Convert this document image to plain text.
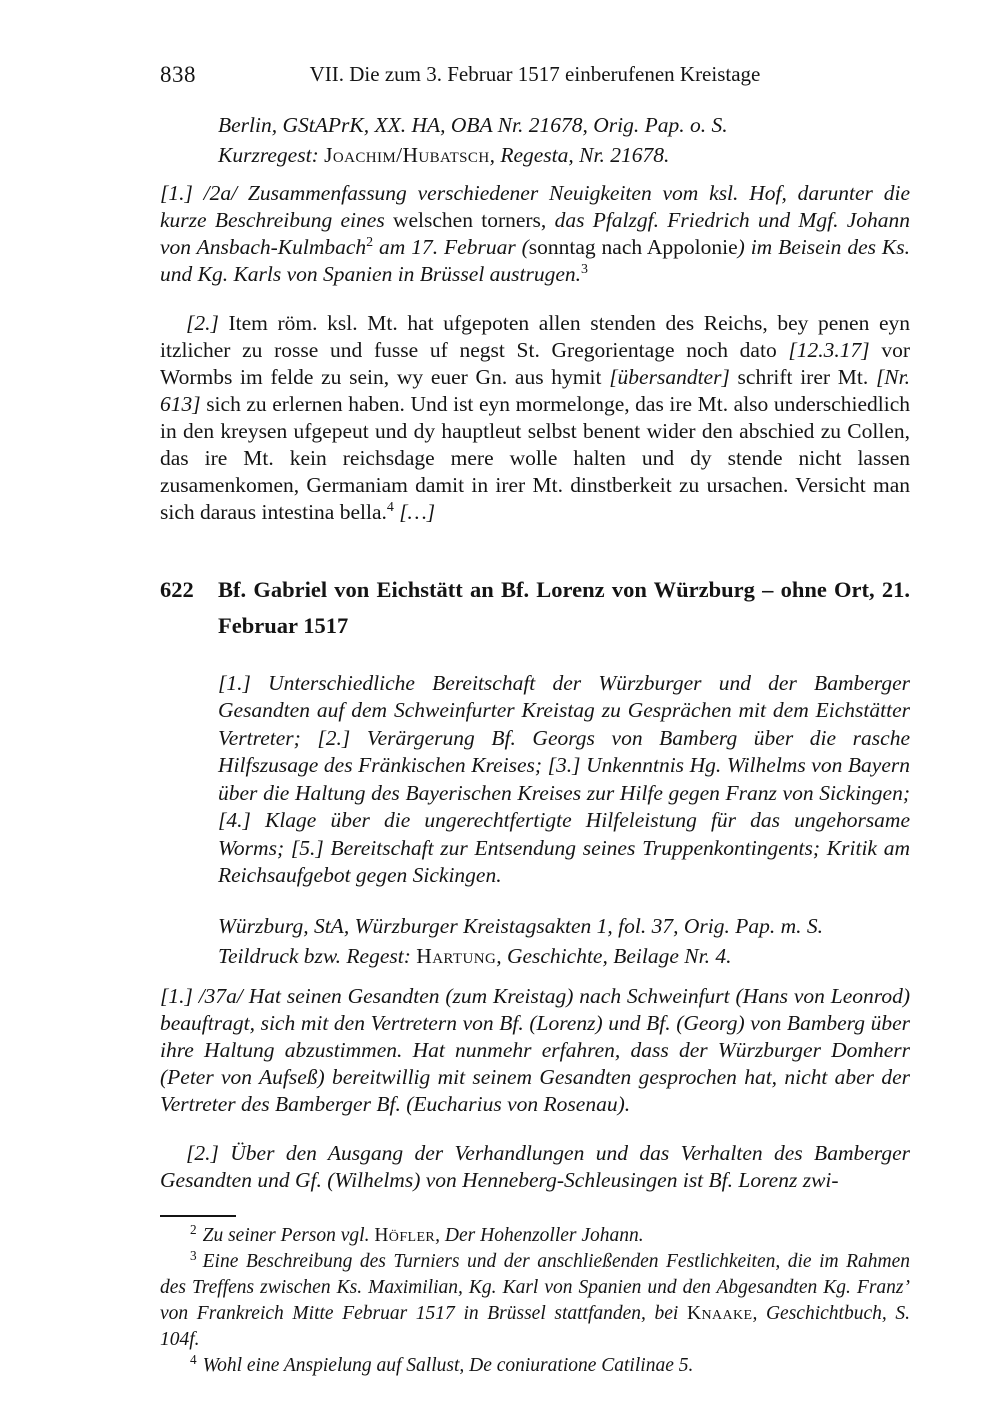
838	VII. Die zum 3. Februar 1517 einberufenen Kreistage
Berlin, GStAPrK, XX. HA, OBA Nr. 21678, Orig. Pap. o. S.
Kurzregest: Joachim/Hubatsch, Regesta, Nr. 21678.

[1.] /2a/ Zusammenfassung verschiedener Neuigkeiten vom ksl. Hof, darunter die kurze Beschreibung eines welschen torners, das Pfalzgf. Friedrich und Mgf. Johann von Ansbach-Kulmbach$^2$ am 17. Februar (sonntag nach Appolonie) im Beisein des Ks. und Kg. Karls von Spanien in Brüssel austrugen.$^3$

[2.] Item röm. ksl. Mt. hat ufgepoten allen stenden des Reichs, bey penen eyn itzlicher zu rosse und fusse uf negst St. Gregorientage noch dato [12.3.17] vor Wormbs im felde zu sein, wy euer Gn. aus hymit [übersandter] schrift irer Mt. [Nr. 613] sich zu erlernen haben. Und ist eyn mormelonge, das ire Mt. also underschiedlich in den kreysen ufgepeut und dy hauptleut selbst benent wider den abschied zu Collen, das ire Mt. kein reichsdage mere wolle halten und dy stende nicht lassen zusamenkomen, Germaniam damit in irer Mt. dinstberkeit zu ursachen. Versicht man sich daraus intestina bella.$^4$ […]

622	Bf. Gabriel von Eichstätt an Bf. Lorenz von Würzburg – ohne Ort, 21. Februar 1517

[1.] Unterschiedliche Bereitschaft der Würzburger und der Bamberger Gesandten auf dem Schweinfurter Kreistag zu Gesprächen mit dem Eichstätter Vertreter; [2.] Verärgerung Bf. Georgs von Bamberg über die rasche Hilfszusage des Fränkischen Kreises; [3.] Unkenntnis Hg. Wilhelms von Bayern über die Haltung des Bayerischen Kreises zur Hilfe gegen Franz von Sickingen; [4.] Klage über die ungerechtfertigte Hilfeleistung für das ungehorsame Worms; [5.] Bereitschaft zur Entsendung seines Truppenkontingents; Kritik am Reichsaufgebot gegen Sickingen.

Würzburg, StA, Würzburger Kreistagsakten 1, fol. 37, Orig. Pap. m. S.
Teildruck bzw. Regest: Hartung, Geschichte, Beilage Nr. 4.

[1.] /37a/ Hat seinen Gesandten (zum Kreistag) nach Schweinfurt (Hans von Leonrod) beauftragt, sich mit den Vertretern von Bf. (Lorenz) und Bf. (Georg) von Bamberg über ihre Haltung abzustimmen. Hat nunmehr erfahren, dass der Würzburger Domherr (Peter von Aufseß) bereitwillig mit seinem Gesandten gesprochen hat, nicht aber der Vertreter des Bamberger Bf. (Eucharius von Rosenau).

[2.] Über den Ausgang der Verhandlungen und das Verhalten des Bamberger Gesandten und Gf. (Wilhelms) von Henneberg-Schleusingen ist Bf. Lorenz zwi-

$^2$ Zu seiner Person vgl. Höfler, Der Hohenzoller Johann.

$^3$ Eine Beschreibung des Turniers und der anschließenden Festlichkeiten, die im Rahmen des Treffens zwischen Ks. Maximilian, Kg. Karl von Spanien und den Abgesandten Kg. Franz’ von Frankreich Mitte Februar 1517 in Brüssel stattfanden, bei Knaake, Geschichtbuch, S. 104f.

$^4$ Wohl eine Anspielung auf Sallust, De coniuratione Catilinae 5.
